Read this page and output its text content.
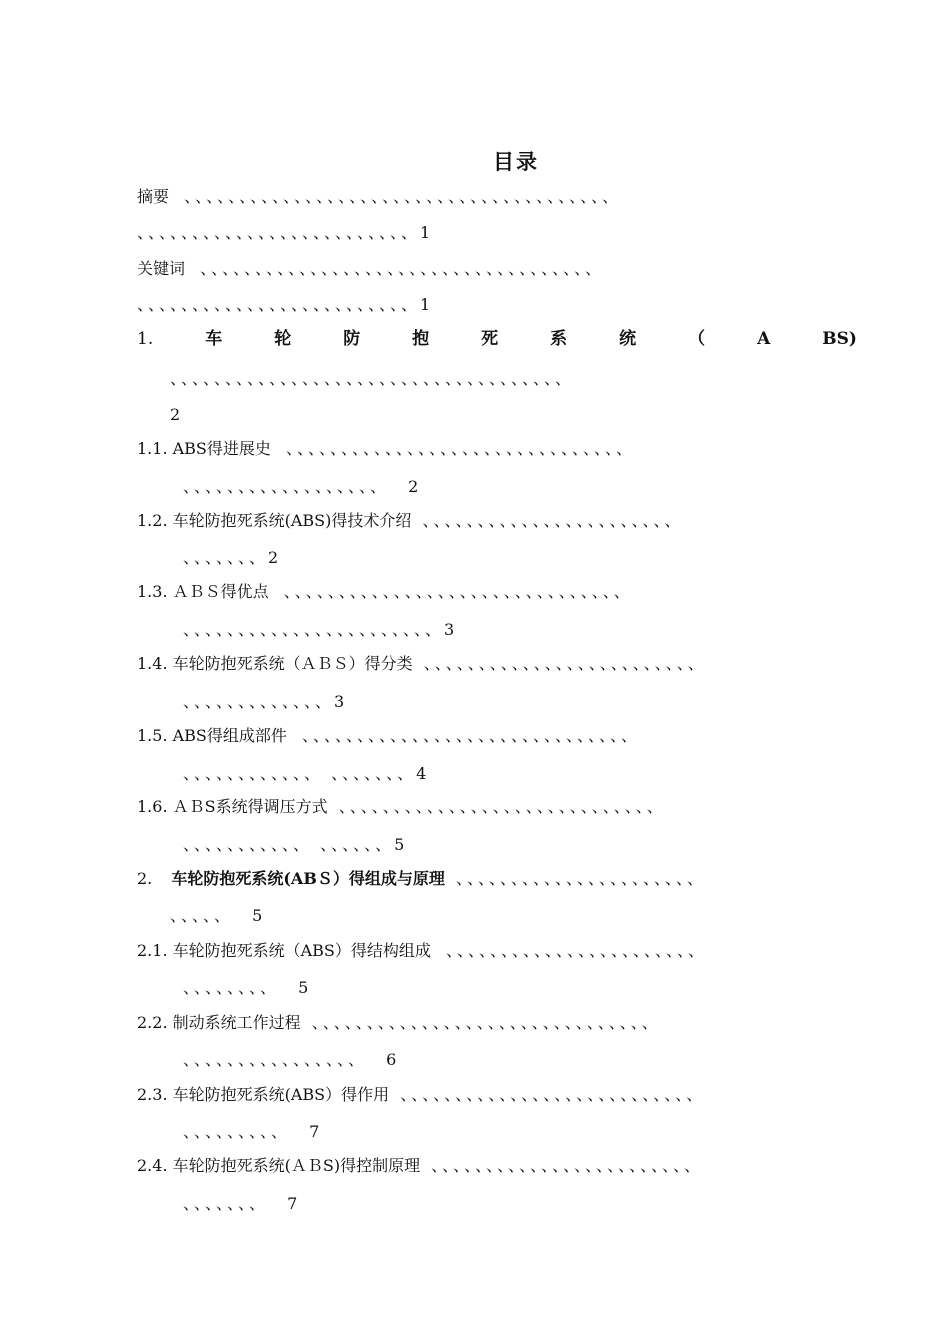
目录
摘要 、、、、、、、、、、、、、、、、、、、、、、、、、、、、、、、、、、、、、、、
、、、、、、、、、、、、、、、、、、、、、、、、、1
关键词 、、、、、、、、、、、、、、、、、、、、、、、、、、、、、、、、、、、、
、、、、、、、、、、、、、、、、、、、、、、、、、1
1.	车	轮	防	抱	死	系	统	（	A	BS)
、、、、、、、、、、、、、、、、、、、、、、、、、、、、、、、、、、、、
2
1.1. ABS得进展史 、、、、、、、、、、、、、、、、、、、、、、、、、、、、、、、
、、、、、、、、、、、、、、、、、、 2
1.2. 车轮防抱死系统(ABS)得技术介绍 、、、、、、、、、、、、、、、、、、、、、、、
、、、、、、、2
1.3. ＡＢＳ得优点 、、、、、、、、、、、、、、、、、、、、、、、、、、、、、、、
、、、、、、、、、、、、、、、、、、、、、、、3
1.4. 车轮防抱死系统（ＡＢＳ）得分类 、、、、、、、、、、、、、、、、、、、、、、、、、
、、、、、、、、、、、、、3
1.5. ABS得组成部件 、、、、、、、、、、、、、、、、、、、、、、、、、、、、、、
、、、、、、、、、、、、 、、、、、、、4
1.6. ＡＢS系统得调压方式 、、、、、、、、、、、、、、、、、、、、、、、、、、、、、
、、、、、、、、、、、 、、、、、、5
2. 车轮防抱死系统(ABＳ）得组成与原理 、、、、、、、、、、、、、、、、、、、、、、
、、、、、 5
2.1. 车轮防抱死系统（ABS）得结构组成 、、、、、、、、、、、、、、、、、、、、、、、
、、、、、、、、 5
2.2. 制动系统工作过程 、、、、、、、、、、、、、、、、、、、、、、、、、、、、、、、
、、、、、、、、、、、、、、、、 6
2.3. 车轮防抱死系统(ABS）得作用 、、、、、、、、、、、、、、、、、、、、、、、、、、、
、、、、、、、、、 7
2.4. 车轮防抱死系统(ＡＢS)得控制原理 、、、、、、、、、、、、、、、、、、、、、、、、
、、、、、、、 7
